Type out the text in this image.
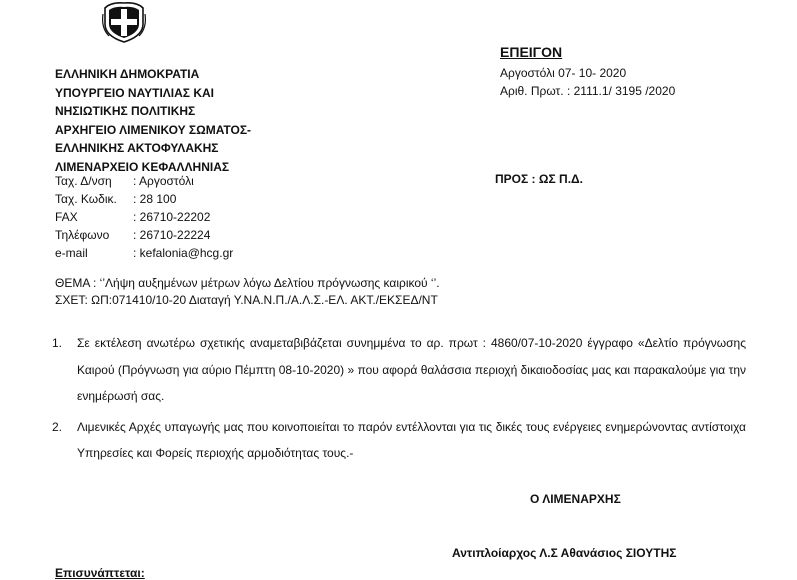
ΕΛΛΗΝΙΚΗ ΔΗΜΟΚΡΑΤΙΑ
ΥΠΟΥΡΓΕΙΟ ΝΑΥΤΙΛΙΑΣ ΚΑΙ
ΝΗΣΙΩΤΙΚΗΣ ΠΟΛΙΤΙΚΗΣ
ΑΡΧΗΓΕΙΟ ΛΙΜΕΝΙΚΟΥ ΣΩΜΑΤΟΣ-
ΕΛΛΗΝΙΚΗΣ ΑΚΤΟΦΥΛΑΚΗΣ
ΛΙΜΕΝΑΡΧΕΙΟ ΚΕΦΑΛΛΗΝΙΑΣ
Ταχ. Δ/νση : Αργοστόλι
Ταχ. Κωδικ. : 28 100
FAX	: 26710-22202
Τηλέφωνο : 26710-22224
e-mail	: kefalonia@hcg.gr
ΕΠΕΙΓΟΝ
Αργοστόλι 07- 10- 2020
Αριθ. Πρωτ. : 2111.1/ 3195 /2020
ΠΡΟΣ : ΩΣ Π.Δ.
ΘΕΜΑ : ‘’Λήψη αυξημένων μέτρων λόγω Δελτίου πρόγνωσης καιρικού ‘’.
ΣΧΕΤ: ΩΠ:071410/10-20 Διαταγή Υ.ΝΑ.Ν.Π./Α.Λ.Σ.-ΕΛ. ΑΚΤ./ΕΚΣΕΔ/ΝΤ
1.	Σε εκτέλεση ανωτέρω σχετικής αναμεταβιβάζεται συνημμένα το αρ. πρωτ : 4860/07-10-2020 έγγραφο «Δελτίο πρόγνωσης Καιρού (Πρόγνωση για αύριο Πέμπτη 08-10-2020) » που αφορά θαλάσσια περιοχή δικαιοδοσίας μας και παρακαλούμε για την ενημέρωσή σας.
2.	Λιμενικές Αρχές υπαγωγής μας που κοινοποιείται το παρόν εντέλλονται για τις δικές τους ενέργειες ενημερώνοντας αντίστοιχα Υπηρεσίες και Φορείς περιοχής αρμοδιότητας τους.-
Ο ΛΙΜΕΝΑΡΧΗΣ
Αντιπλοίαρχος Λ.Σ Αθανάσιος ΣΙΟΥΤΗΣ
Επισυνάπτεται:
